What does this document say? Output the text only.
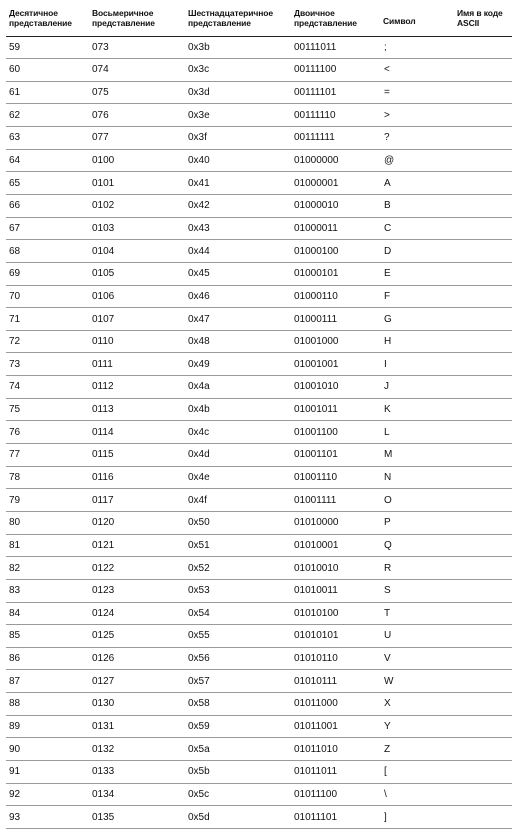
Десятичное представление	Восьмеричное представление	Шестнадцатеричное представление	Двоичное представление	Символ	Имя в коде ASCII
59	073	0x3b	00111011	;	
60	074	0x3c	00111100	<	
61	075	0x3d	00111101	=	
62	076	0x3e	00111110	>	
63	077	0x3f	00111111	?	
64	0100	0x40	01000000	@	
65	0101	0x41	01000001	A	
66	0102	0x42	01000010	B	
67	0103	0x43	01000011	C	
68	0104	0x44	01000100	D	
69	0105	0x45	01000101	E	
70	0106	0x46	01000110	F	
71	0107	0x47	01000111	G	
72	0110	0x48	01001000	H	
73	0111	0x49	01001001	I	
74	0112	0x4a	01001010	J	
75	0113	0x4b	01001011	K	
76	0114	0x4c	01001100	L	
77	0115	0x4d	01001101	M	
78	0116	0x4e	01001110	N	
79	0117	0x4f	01001111	O	
80	0120	0x50	01010000	P	
81	0121	0x51	01010001	Q	
82	0122	0x52	01010010	R	
83	0123	0x53	01010011	S	
84	0124	0x54	01010100	T	
85	0125	0x55	01010101	U	
86	0126	0x56	01010110	V	
87	0127	0x57	01010111	W	
88	0130	0x58	01011000	X	
89	0131	0x59	01011001	Y	
90	0132	0x5a	01011010	Z	
91	0133	0x5b	01011011	[	
92	0134	0x5c	01011100	\	
93	0135	0x5d	01011101	]	
